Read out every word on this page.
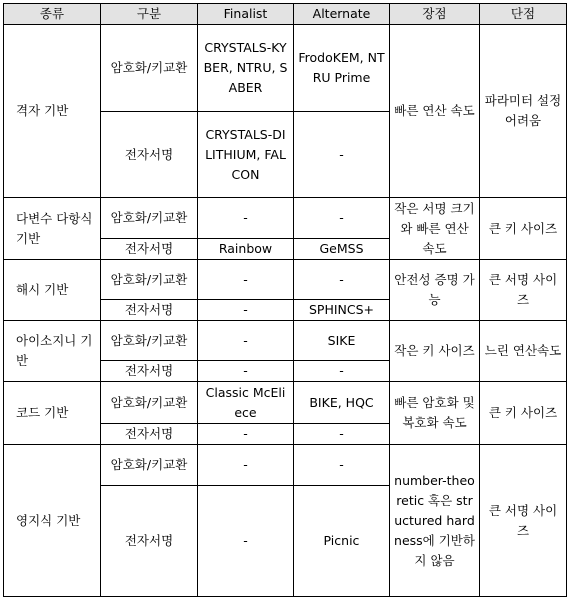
종류	구분	Finalist	Alternate	장점	단점
격자 기반	암호화/키교환	CRYSTALS-KYBER, NTRU, SABER	FrodoKEM, NTRU Prime	빠른 연산 속도	파라미터 설정 어려움
	전자서명	CRYSTALS-DILITHIUM, FALCON	-		
다변수 다항식 기반	암호화/키교환	-	-	작은 서명 크기와 빠른 연산 속도	큰 키 사이즈
	전자서명	Rainbow	GeMSS		
해시 기반	암호화/키교환	-	-	안전성 증명 가능	큰 서명 사이즈
	전자서명	-	SPHINCS+		
아이소지니 기반	암호화/키교환	-	SIKE	작은 키 사이즈	느린 연산속도
	전자서명	-	-		
코드 기반	암호화/키교환	Classic McEliece	BIKE, HQC	빠른 암호화 및 복호화 속도	큰 키 사이즈
	전자서명	-	-		
영지식 기반	암호화/키교환	-	-	number-theoretic 혹은 structured hardness에 기반하지 않음	큰 서명 사이즈
	전자서명	-	Picnic		
